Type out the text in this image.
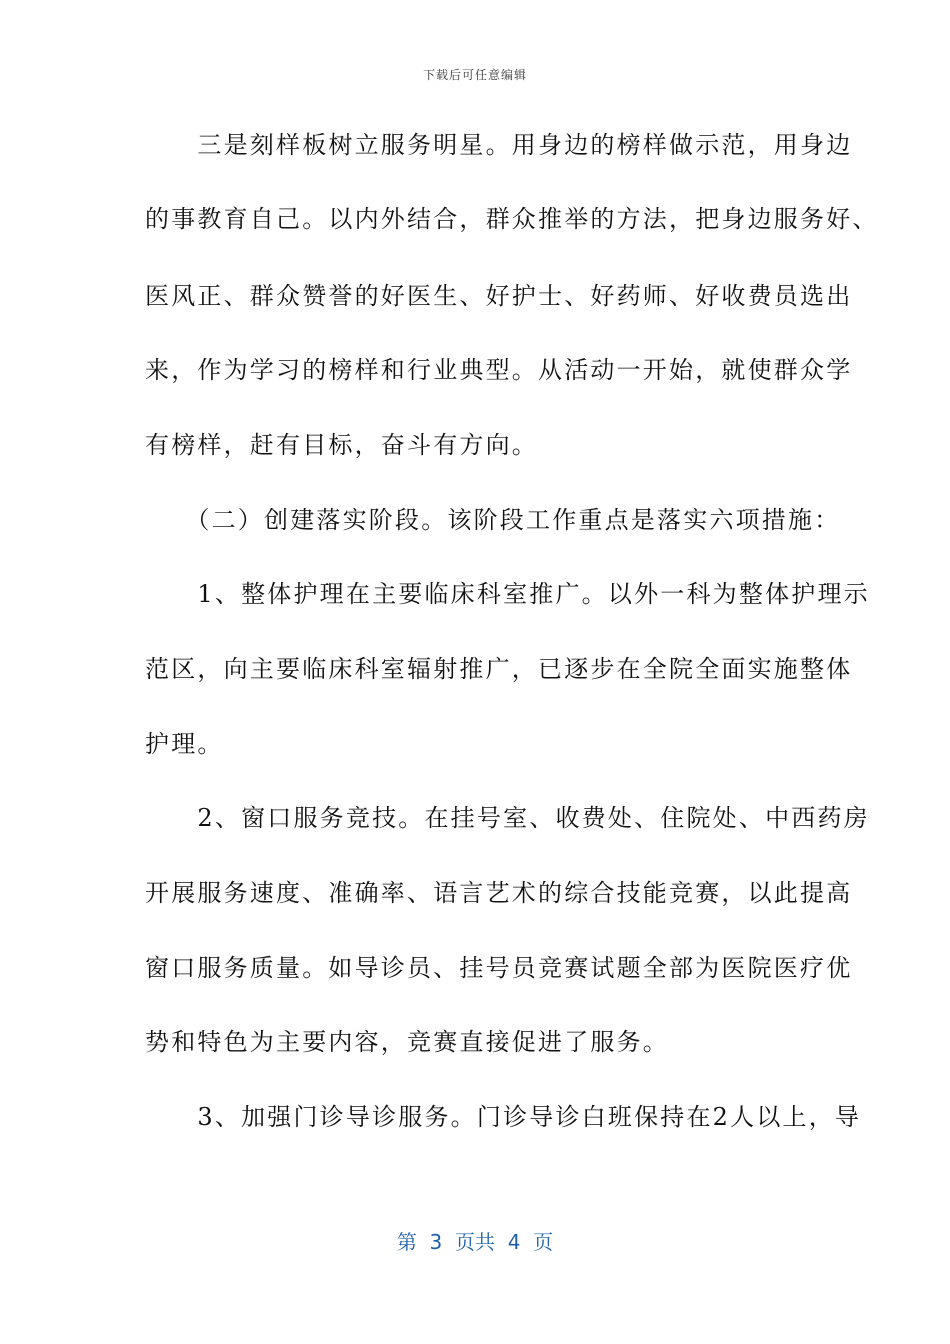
下载后可任意编辑
　　三是刻样板树立服务明星。用身边的榜样做示范，用身边
的事教育自己。以内外结合，群众推举的方法，把身边服务好、
医风正、群众赞誉的好医生、好护士、好药师、好收费员选出
来，作为学习的榜样和行业典型。从活动一开始，就使群众学
有榜样，赶有目标，奋斗有方向。
　　（二）创建落实阶段。该阶段工作重点是落实六项措施：
　　1、整体护理在主要临床科室推广。以外一科为整体护理示
范区，向主要临床科室辐射推广，已逐步在全院全面实施整体
护理。
　　2、窗口服务竞技。在挂号室、收费处、住院处、中西药房
开展服务速度、准确率、语言艺术的综合技能竞赛，以此提高
窗口服务质量。如导诊员、挂号员竞赛试题全部为医院医疗优
势和特色为主要内容，竞赛直接促进了服务。
　　3、加强门诊导诊服务。门诊导诊白班保持在2人以上，导
第  3  页共  4  页
